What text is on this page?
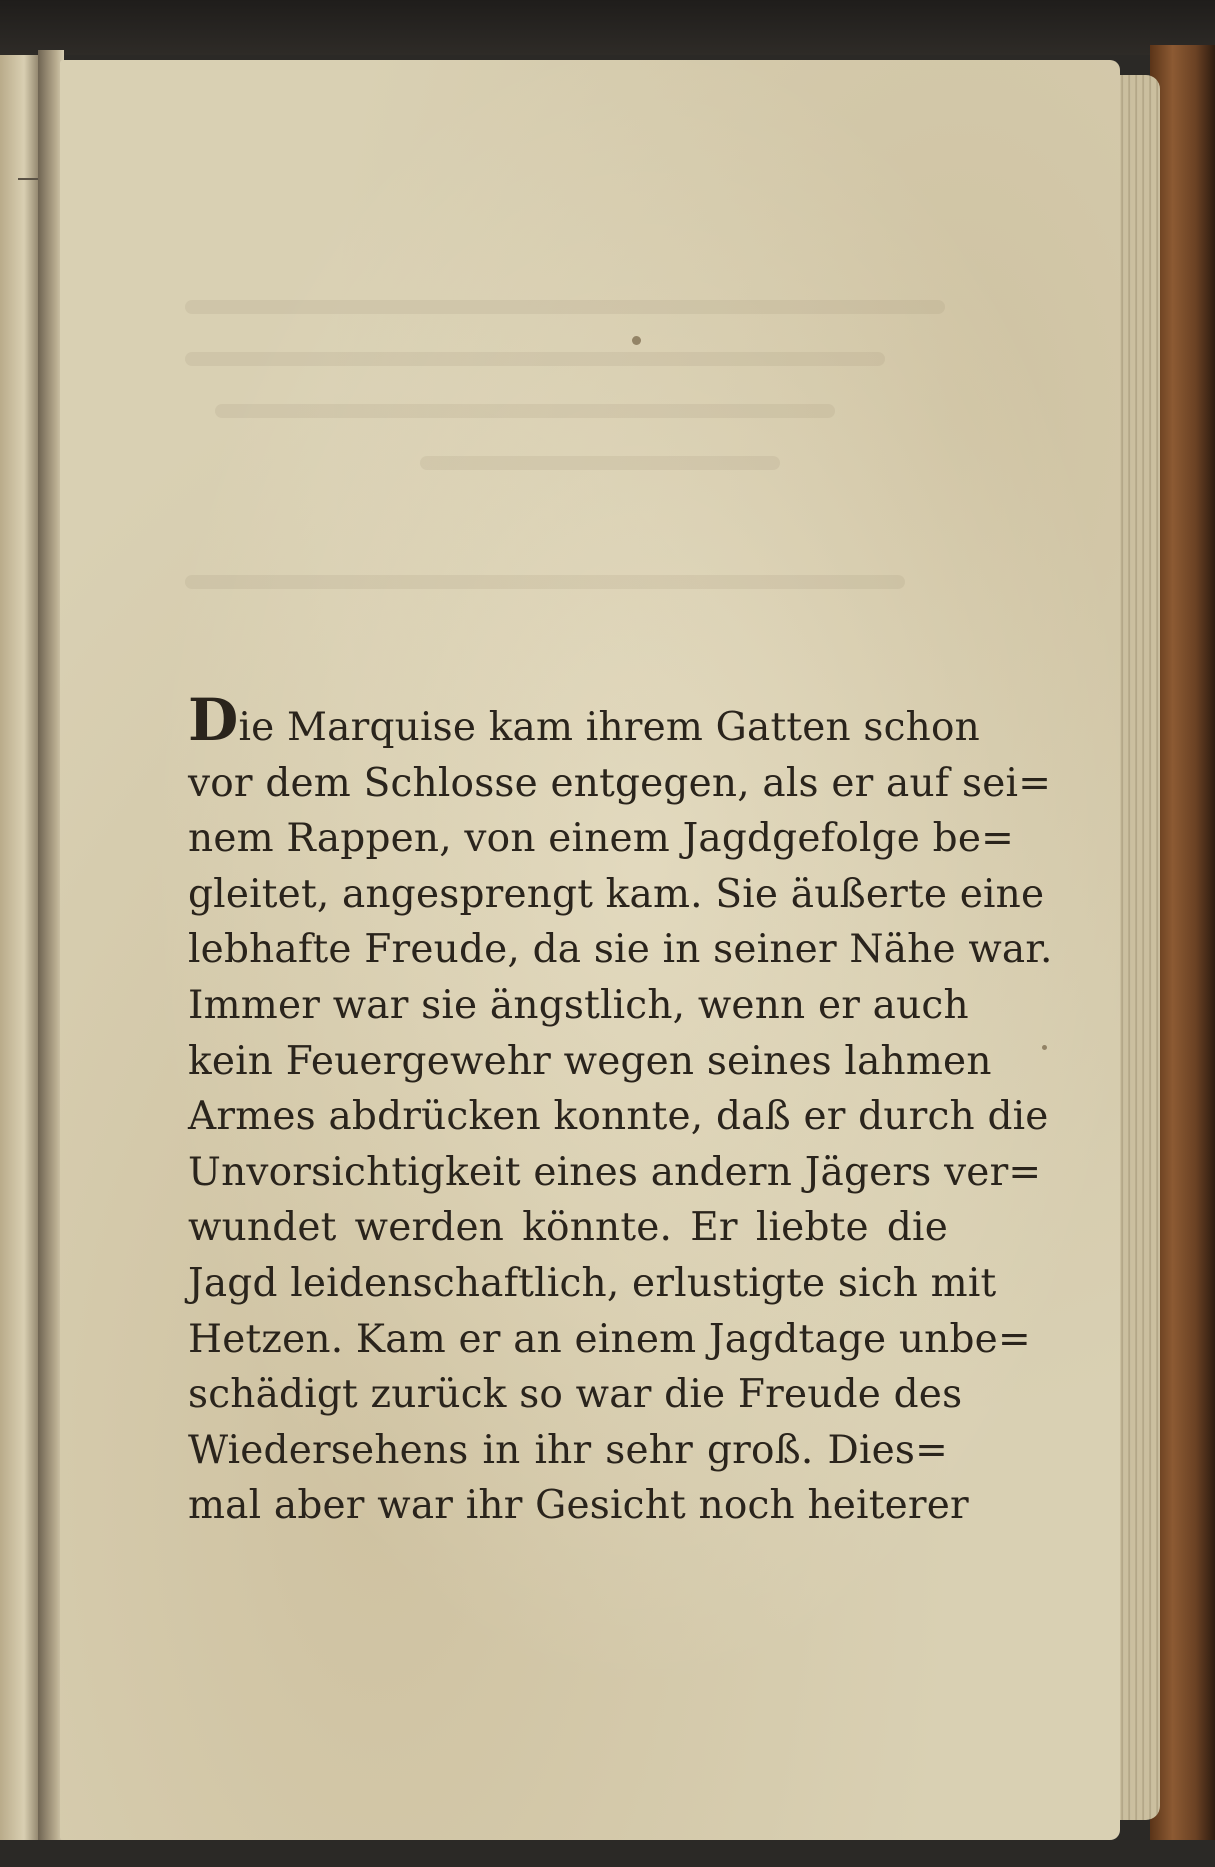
Die Marquise kam ihrem Gatten schon
vor dem Schlosse entgegen, als er auf sei=
nem Rappen, von einem Jagdgefolge be=
gleitet, angesprengt kam. Sie äußerte eine
lebhafte Freude, da sie in seiner Nähe war.
Immer war sie ängstlich, wenn er auch
kein Feuergewehr wegen seines lahmen
Armes abdrücken konnte, daß er durch die
Unvorsichtigkeit eines andern Jägers ver=
wundet werden könnte. Er liebte die
Jagd leidenschaftlich, erlustigte sich mit
Hetzen. Kam er an einem Jagdtage unbe=
schädigt zurück so war die Freude des
Wiedersehens in ihr sehr groß. Dies=
mal aber war ihr Gesicht noch heiterer
